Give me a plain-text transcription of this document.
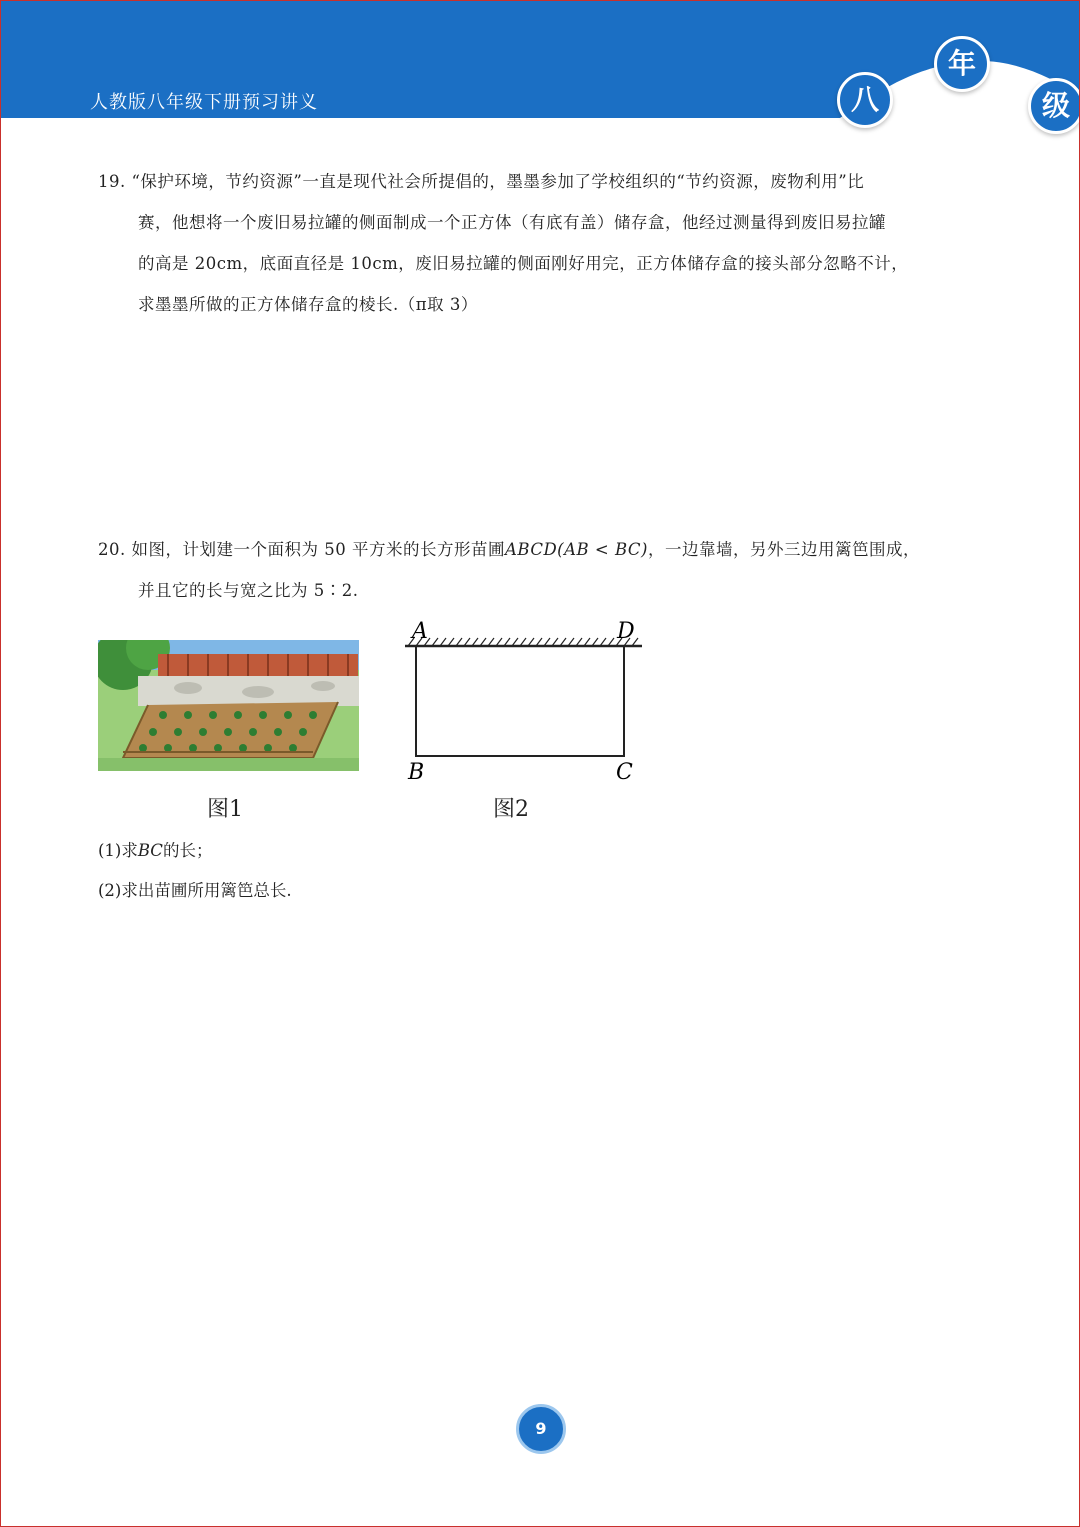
人教版八年级下册预习讲义	八
年
级
19. “保护环境，节约资源”一直是现代社会所提倡的，墨墨参加了学校组织的“节约资源，废物利用”比
赛，他想将一个废旧易拉罐的侧面制成一个正方体（有底有盖）储存盒，他经过测量得到废旧易拉罐
的高是 20cm，底面直径是 10cm，废旧易拉罐的侧面刚好用完，正方体储存盒的接头部分忽略不计，
求墨墨所做的正方体储存盒的棱长.（π取 3）
20. 如图，计划建一个面积为 50 平方米的长方形苗圃ABCD(AB < BC)，一边靠墙，另外三边用篱笆围成，
并且它的长与宽之比为 5∶2.
A	D
B	C
图1	图2
(1)求BC的长；
(2)求出苗圃所用篱笆总长.
9
